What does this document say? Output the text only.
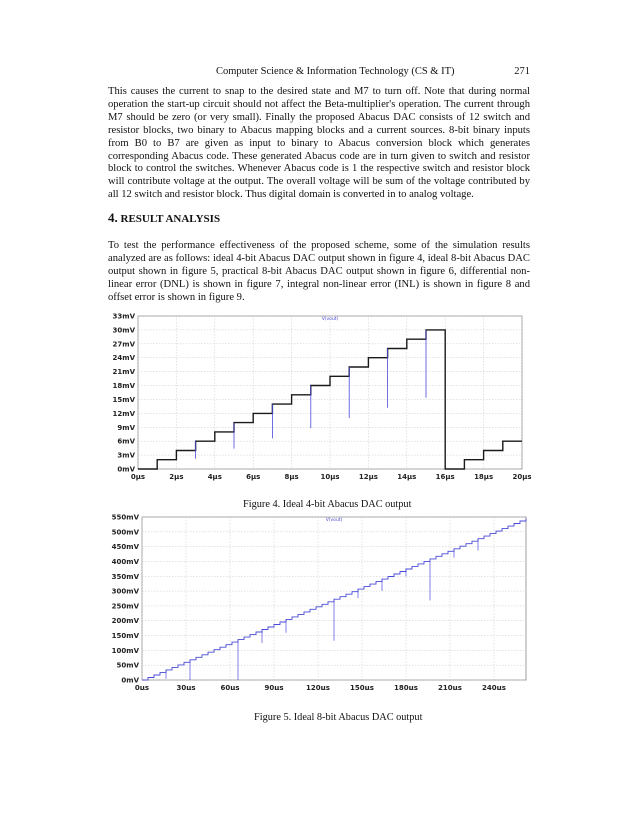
Computer Science & Information Technology (CS & IT)	271

This causes the current to snap to the desired state and M7 to turn off. Note that during normal operation the start-up circuit should not affect the Beta-multiplier's operation. The current through M7 should be zero (or very small). Finally the proposed Abacus DAC consists of 12 switch and resistor blocks, two binary to Abacus mapping blocks and a current sources. 8-bit binary inputs from B0 to B7 are given as input to binary to Abacus conversion block which generates corresponding Abacus code. These generated Abacus code are in turn given to switch and resistor block to control the switches. Whenever Abacus code is 1 the respective switch and resistor block will contribute voltage at the output. The overall voltage will be sum of the voltage contributed by all 12 switch and resistor block. Thus digital domain is converted in to analog voltage.

4. RESULT ANALYSIS

To test the performance effectiveness of the proposed scheme, some of the simulation results analyzed are as follows: ideal 4-bit Abacus DAC output shown in figure 4, ideal 8-bit Abacus DAC output shown in figure 5, practical 8-bit Abacus DAC output shown in figure 6, differential non-linear error (DNL) is shown in figure 7, integral non-linear error (INL) is shown in figure 8 and offset error is shown in figure 9.

0mV
3mV
6mV
9mV
12mV
15mV
18mV
21mV
24mV
27mV
30mV
33mV
0µs	2µs	4µs	6µs	8µs	10µs	12µs	14µs	16µs	18µs	20µs
V(vout)
Figure 4. Ideal 4-bit Abacus DAC output
0mV
50mV
100mV
150mV
200mV
250mV
300mV
350mV
400mV
450mV
500mV
550mV
0µs	30µs	60µs	90µs	120µs	150µs	180µs	210µs	240µs
V(vout)
Figure 5. Ideal 8-bit Abacus DAC output
